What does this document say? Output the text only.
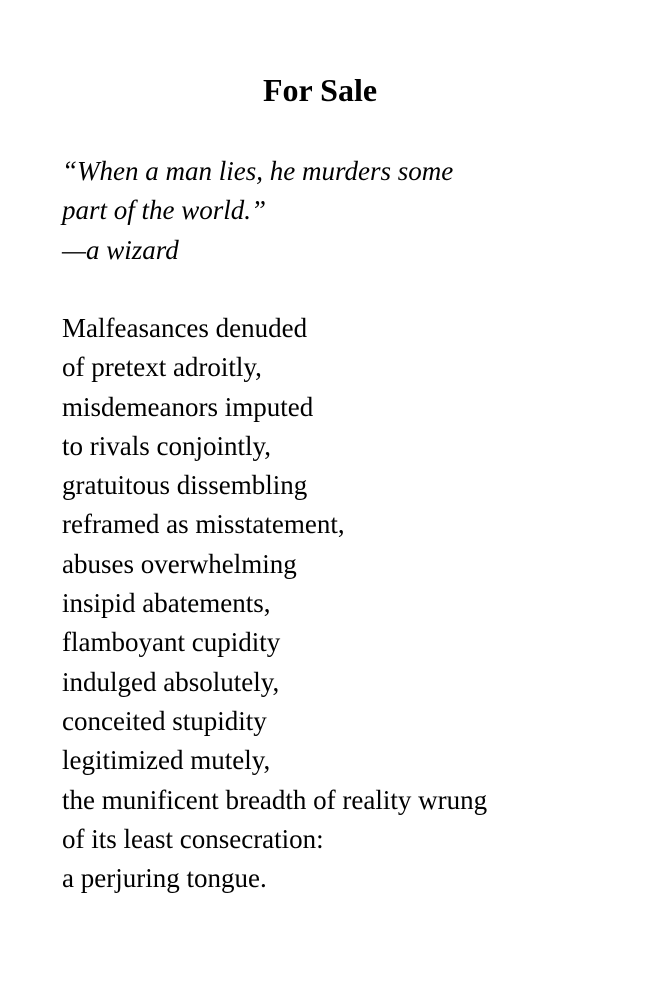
For Sale
“When a man lies, he murders some
part of the world.”
—a wizard
Malfeasances denuded
of pretext adroitly,
misdemeanors imputed
to rivals conjointly,
gratuitous dissembling
reframed as misstatement,
abuses overwhelming
insipid abatements,
flamboyant cupidity
indulged absolutely,
conceited stupidity
legitimized mutely,
the munificent breadth of reality wrung
of its least consecration:
a perjuring tongue.
